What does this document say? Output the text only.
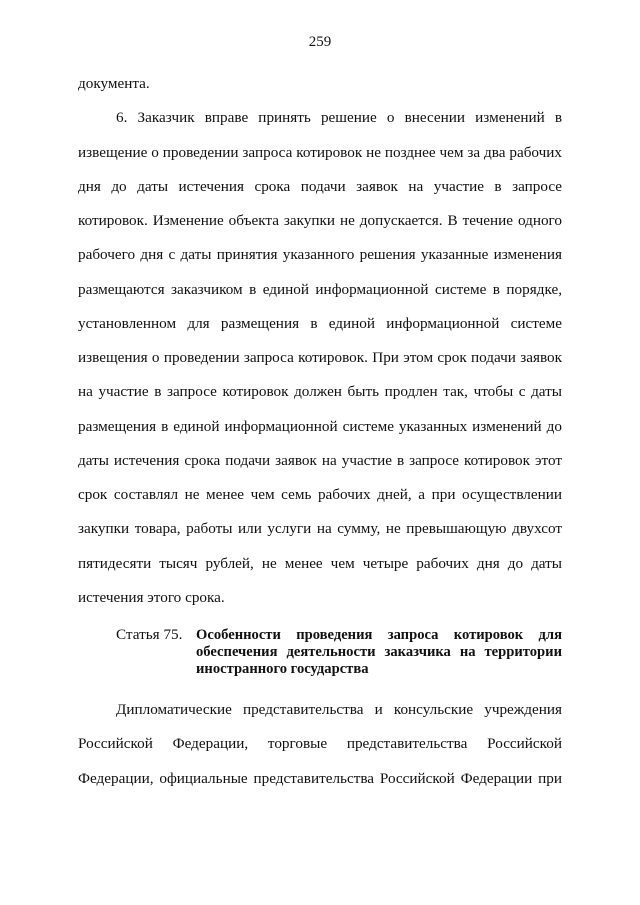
259
документа.
6. Заказчик вправе принять решение о внесении изменений в
извещение о проведении запроса котировок не позднее чем за два рабочих
дня до даты истечения срока подачи заявок на участие в запросе
котировок. Изменение объекта закупки не допускается. В течение одного
рабочего дня с даты принятия указанного решения указанные изменения
размещаются заказчиком в единой информационной системе в порядке,
установленном для размещения в единой информационной системе
извещения о проведении запроса котировок. При этом срок подачи заявок
на участие в запросе котировок должен быть продлен так, чтобы с даты
размещения в единой информационной системе указанных изменений до
даты истечения срока подачи заявок на участие в запросе котировок этот
срок составлял не менее чем семь рабочих дней, а при осуществлении
закупки товара, работы или услуги на сумму, не превышающую двухсот
пятидесяти тысяч рублей, не менее чем четыре рабочих дня до даты
истечения этого срока.
Статья 75. Особенности проведения запроса котировок для
обеспечения деятельности заказчика на территории
иностранного государства
Дипломатические представительства и консульские учреждения
Российской Федерации, торговые представительства Российской
Федерации, официальные представительства Российской Федерации при
